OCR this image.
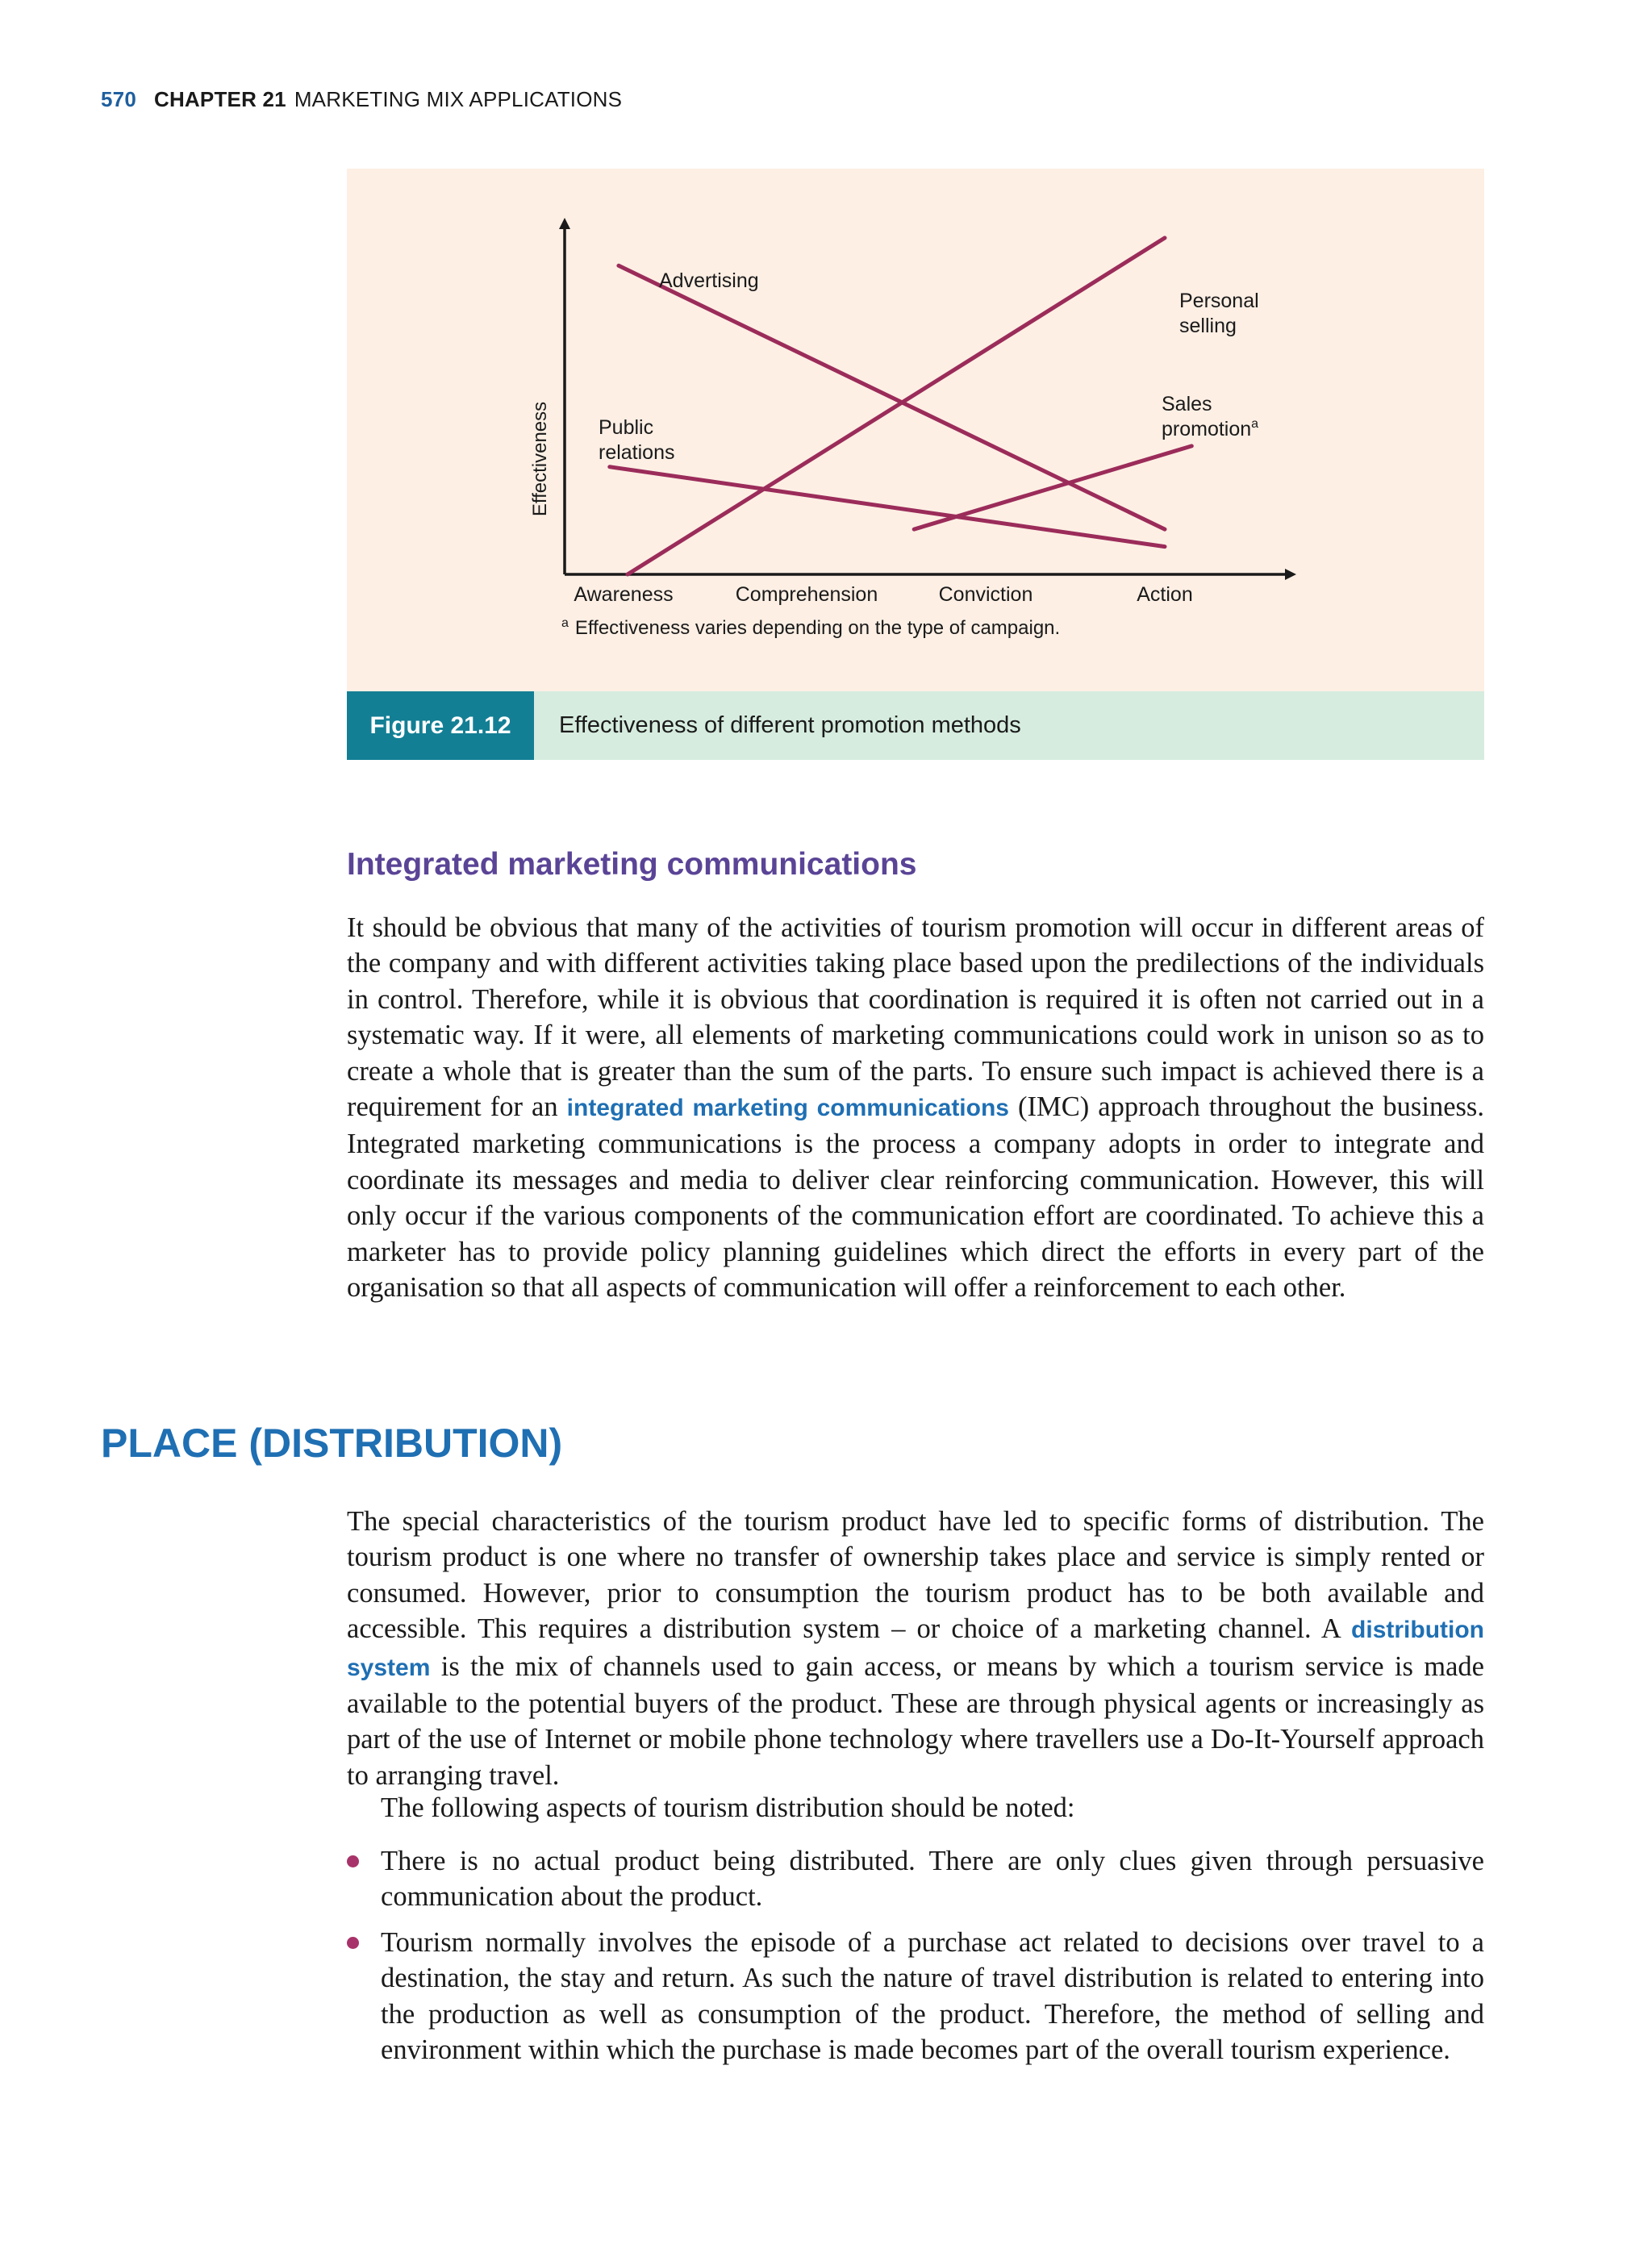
570 CHAPTER 21 MARKETING MIX APPLICATIONS
Effectiveness
Advertising
Personal selling
Sales promotion$^a$
Public relations
Awareness	Comprehension	Conviction	Action
$^a$ Effectiveness varies depending on the type of campaign.
Figure 21.12	Effectiveness of different promotion methods
Integrated marketing communications

It should be obvious that many of the activities of tourism promotion will occur in different areas of the company and with different activities taking place based upon the predilections of the individuals in control. Therefore, while it is obvious that coordination is required it is often not carried out in a systematic way. If it were, all elements of marketing communications could work in unison so as to create a whole that is greater than the sum of the parts. To ensure such impact is achieved there is a requirement for an integrated marketing communications (IMC) approach throughout the business. Integrated marketing communications is the process a company adopts in order to integrate and coordinate its messages and media to deliver clear reinforcing communication. However, this will only occur if the various components of the communication effort are coordinated. To achieve this a marketer has to provide policy planning guidelines which direct the efforts in every part of the organisation so that all aspects of communication will offer a reinforcement to each other.

PLACE (DISTRIBUTION)

The special characteristics of the tourism product have led to specific forms of distribution. The tourism product is one where no transfer of ownership takes place and service is simply rented or consumed. However, prior to consumption the tourism product has to be both available and accessible. This requires a distribution system – or choice of a marketing channel. A distribution system is the mix of channels used to gain access, or means by which a tourism service is made available to the potential buyers of the product. These are through physical agents or increasingly as part of the use of Internet or mobile phone technology where travellers use a Do-It-Yourself approach to arranging travel.

The following aspects of tourism distribution should be noted:

There is no actual product being distributed. There are only clues given through persuasive communication about the product.
Tourism normally involves the episode of a purchase act related to decisions over travel to a destination, the stay and return. As such the nature of travel distribution is related to entering into the production as well as consumption of the product. Therefore, the method of selling and environment within which the purchase is made becomes part of the overall tourism experience.
